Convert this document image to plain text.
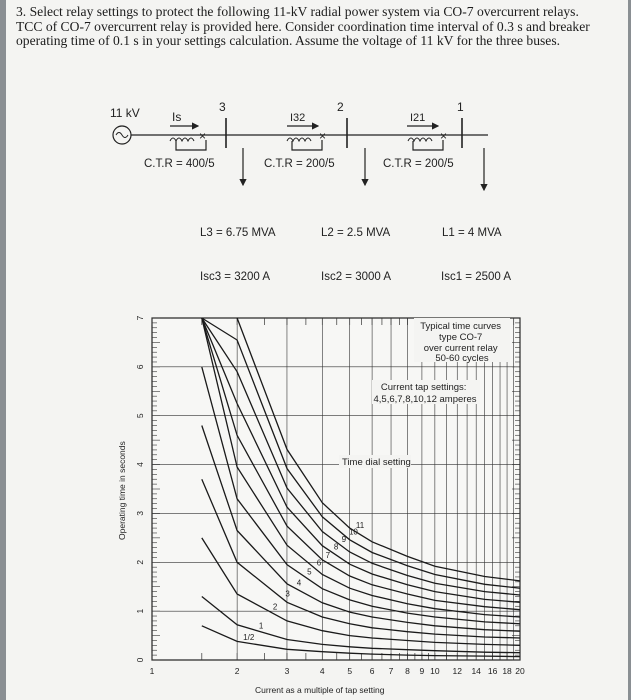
3. Select relay settings to protect the following 11-kV radial power system via CO-7 overcurrent relays. TCC of CO-7 overcurrent relay is provided here. Consider coordination time interval of 0.3 s and breaker operating time of 0.1 s in your settings calculation. Assume the voltage of 11 kV for the three buses.

11 kV	3	2	1
Is	I32	I21
×	×	×
C.T.R = 400/5	C.T.R = 200/5	C.T.R = 200/5
L3 = 6.75 MVA	L2 = 2.5 MVA	L1 = 4 MVA
Isc3 = 3200 A	Isc2 = 3000 A	Isc1 = 2500 A
0
1
2
3
4
5
6
7
1	2	3	4	5 6 7 8 9 10 12 14 16 18 20
1/2
1
2
3
4
5
6
7
8
9
10
11
Typical time curves type CO-7 over current relay 50-60 cycles
Current tap settings: 4,5,6,7,8,10,12 amperes
Time dial setting
Current as a multiple of tap setting
Operating time in seconds
